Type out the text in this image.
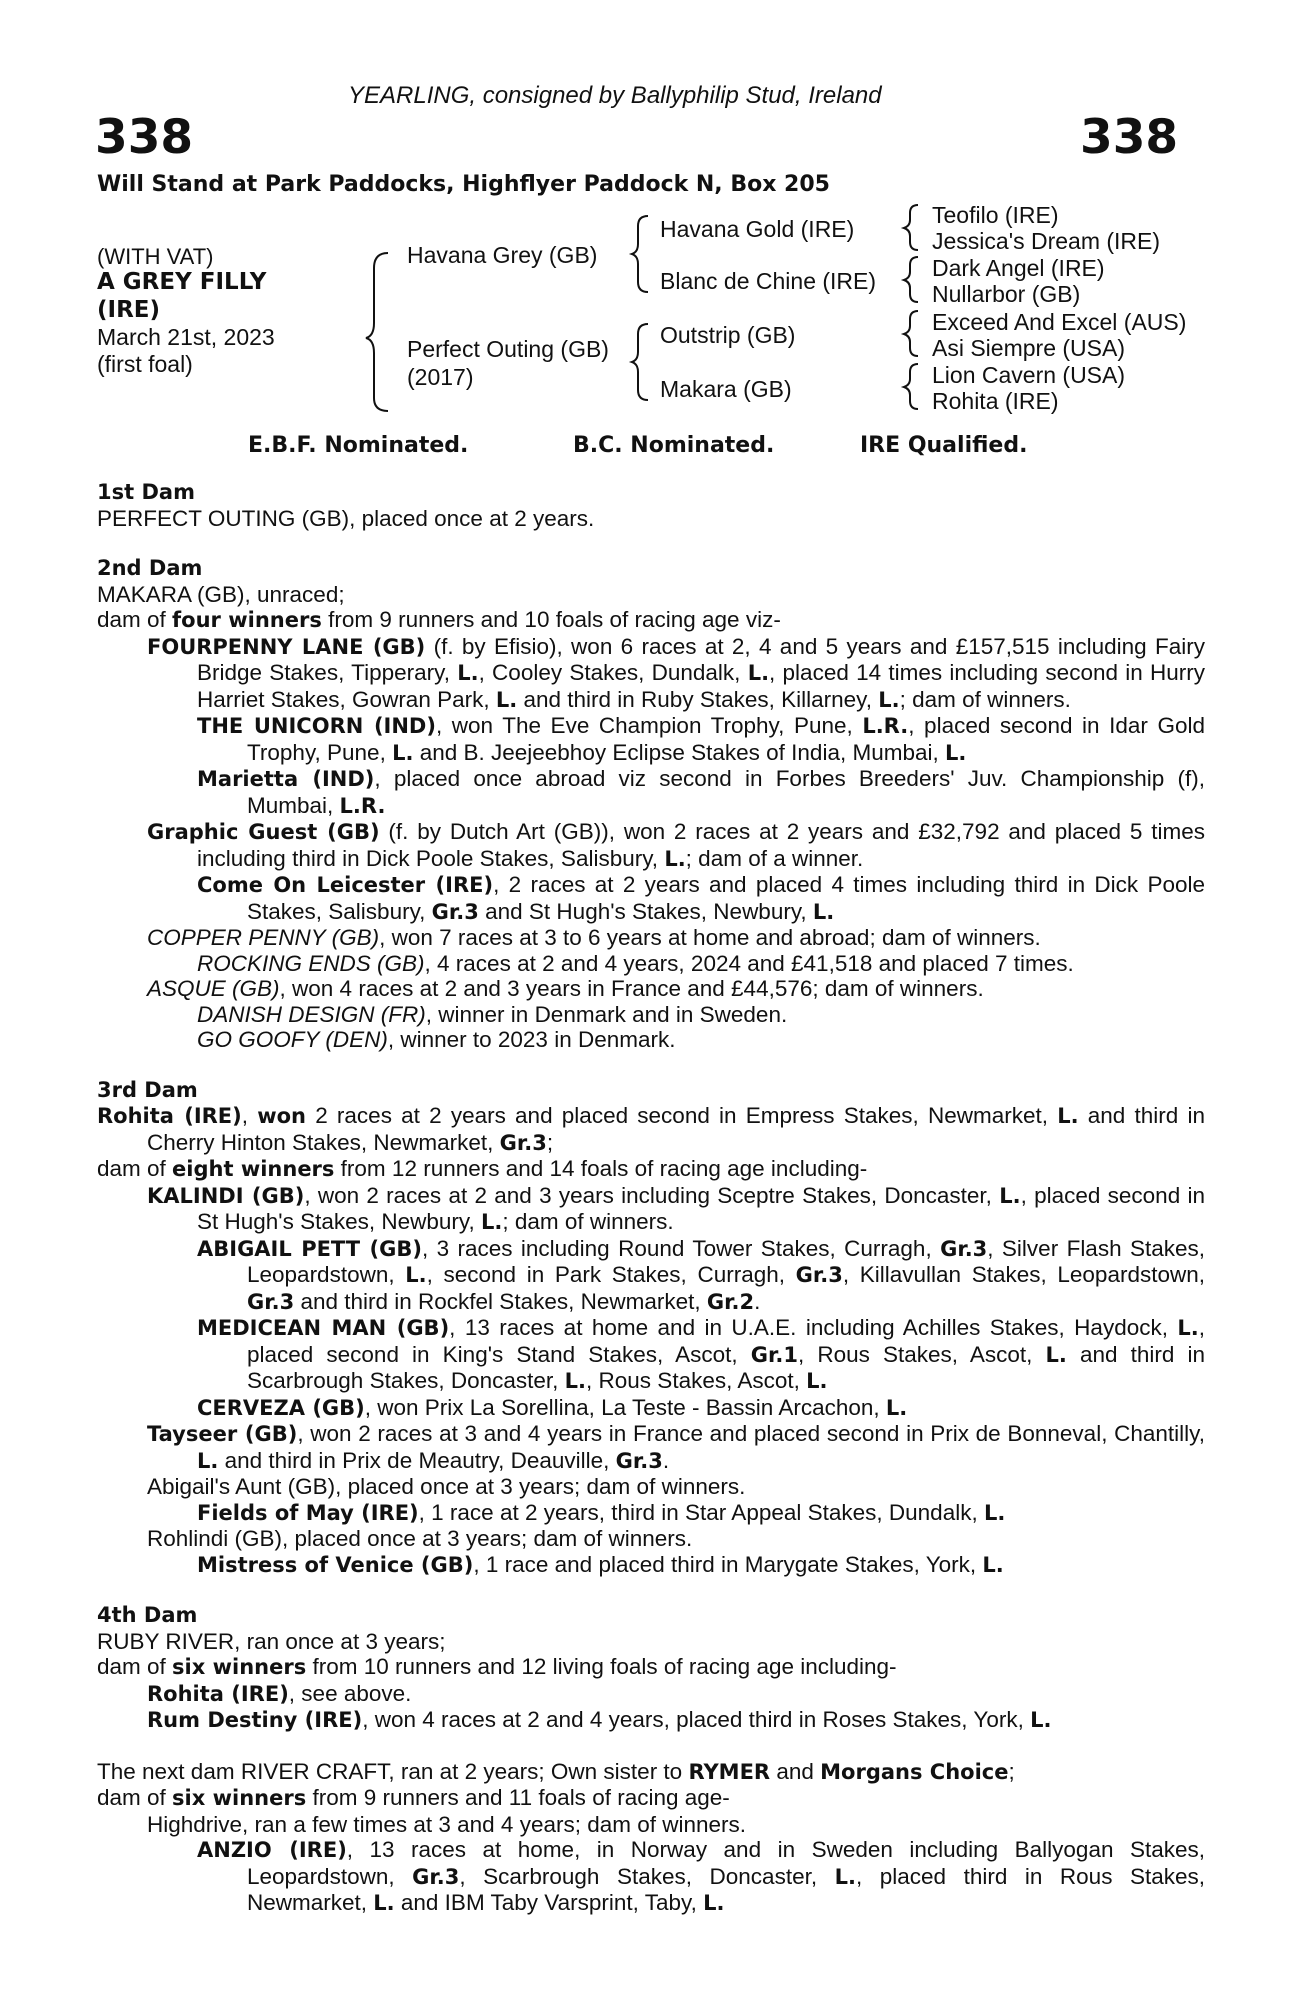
YEARLING, consigned by Ballyphilip Stud, Ireland
338	338
Will Stand at Park Paddocks, Highflyer Paddock N, Box 205
(WITH VAT)
A GREY FILLY
(IRE)
March 21st, 2023
(first foal)
Havana Grey (GB)
Perfect Outing (GB)
(2017)
Havana Gold (IRE)
Blanc de Chine (IRE)
Outstrip (GB)
Makara (GB)
Teofilo (IRE)
Jessica's Dream (IRE)
Dark Angel (IRE)
Nullarbor (GB)
Exceed And Excel (AUS)
Asi Siempre (USA)
Lion Cavern (USA)
Rohita (IRE)
E.B.F. Nominated.	B.C. Nominated.	IRE Qualified.
1st Dam
PERFECT OUTING (GB), placed once at 2 years.
2nd Dam
MAKARA (GB), unraced;
dam of four winners from 9 runners and 10 foals of racing age viz-
FOURPENNY LANE (GB) (f. by Efisio), won 6 races at 2, 4 and 5 years and £157,515 including Fairy Bridge Stakes, Tipperary, L., Cooley Stakes, Dundalk, L., placed 14 times including second in Hurry Harriet Stakes, Gowran Park, L. and third in Ruby Stakes, Killarney, L.; dam of winners.
THE UNICORN (IND), won The Eve Champion Trophy, Pune, L.R., placed second in Idar Gold Trophy, Pune, L. and B. Jeejeebhoy Eclipse Stakes of India, Mumbai, L.
Marietta (IND), placed once abroad viz second in Forbes Breeders' Juv. Championship (f), Mumbai, L.R.
Graphic Guest (GB) (f. by Dutch Art (GB)), won 2 races at 2 years and £32,792 and placed 5 times including third in Dick Poole Stakes, Salisbury, L.; dam of a winner.
Come On Leicester (IRE), 2 races at 2 years and placed 4 times including third in Dick Poole Stakes, Salisbury, Gr.3 and St Hugh's Stakes, Newbury, L.
COPPER PENNY (GB), won 7 races at 3 to 6 years at home and abroad; dam of winners.
ROCKING ENDS (GB), 4 races at 2 and 4 years, 2024 and £41,518 and placed 7 times.
ASQUE (GB), won 4 races at 2 and 3 years in France and £44,576; dam of winners.
DANISH DESIGN (FR), winner in Denmark and in Sweden.
GO GOOFY (DEN), winner to 2023 in Denmark.
3rd Dam
Rohita (IRE), won 2 races at 2 years and placed second in Empress Stakes, Newmarket, L. and third in Cherry Hinton Stakes, Newmarket, Gr.3;
dam of eight winners from 12 runners and 14 foals of racing age including-
KALINDI (GB), won 2 races at 2 and 3 years including Sceptre Stakes, Doncaster, L., placed second in St Hugh's Stakes, Newbury, L.; dam of winners.
ABIGAIL PETT (GB), 3 races including Round Tower Stakes, Curragh, Gr.3, Silver Flash Stakes, Leopardstown, L., second in Park Stakes, Curragh, Gr.3, Killavullan Stakes, Leopardstown, Gr.3 and third in Rockfel Stakes, Newmarket, Gr.2.
MEDICEAN MAN (GB), 13 races at home and in U.A.E. including Achilles Stakes, Haydock, L., placed second in King's Stand Stakes, Ascot, Gr.1, Rous Stakes, Ascot, L. and third in Scarbrough Stakes, Doncaster, L., Rous Stakes, Ascot, L.
CERVEZA (GB), won Prix La Sorellina, La Teste - Bassin Arcachon, L.
Tayseer (GB), won 2 races at 3 and 4 years in France and placed second in Prix de Bonneval, Chantilly, L. and third in Prix de Meautry, Deauville, Gr.3.
Abigail's Aunt (GB), placed once at 3 years; dam of winners.
Fields of May (IRE), 1 race at 2 years, third in Star Appeal Stakes, Dundalk, L.
Rohlindi (GB), placed once at 3 years; dam of winners.
Mistress of Venice (GB), 1 race and placed third in Marygate Stakes, York, L.
4th Dam
RUBY RIVER, ran once at 3 years;
dam of six winners from 10 runners and 12 living foals of racing age including-
Rohita (IRE), see above.
Rum Destiny (IRE), won 4 races at 2 and 4 years, placed third in Roses Stakes, York, L.
The next dam RIVER CRAFT, ran at 2 years; Own sister to RYMER and Morgans Choice;
dam of six winners from 9 runners and 11 foals of racing age-
Highdrive, ran a few times at 3 and 4 years; dam of winners.
ANZIO (IRE), 13 races at home, in Norway and in Sweden including Ballyogan Stakes, Leopardstown, Gr.3, Scarbrough Stakes, Doncaster, L., placed third in Rous Stakes, Newmarket, L. and IBM Taby Varsprint, Taby, L.
